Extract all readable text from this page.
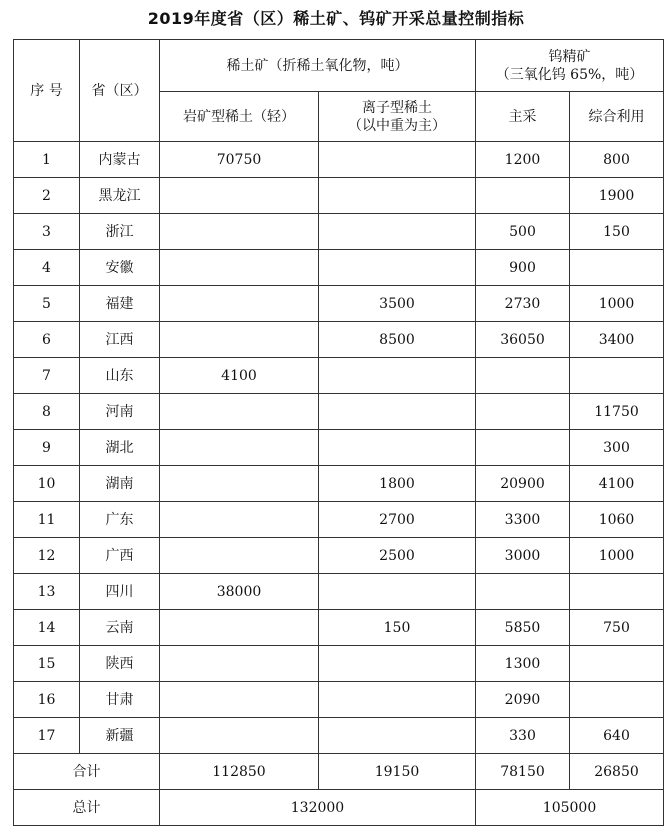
2019年度省（区）稀土矿、钨矿开采总量控制指标
序 号	省（区）	稀土矿（折稀土氧化物，吨）		钨精矿
（三氧化钨 65%，吨）	

		岩矿型稀土（轻）	离子型稀土
（以中重为主）	主采	综合利用
1	内蒙古	70750		1200	800
2	黑龙江				1900
3	浙江			500	150
4	安徽			900	
5	福建		3500	2730	1000
6	江西		8500	36050	3400
7	山东	4100			
8	河南				11750
9	湖北				300
10	湖南		1800	20900	4100
11	广东		2700	3300	1060
12	广西		2500	3000	1000
13	四川	38000			
14	云南		150	5850	750
15	陕西			1300	
16	甘肃			2090	
17	新疆			330	640
合计		112850	19150	78150	26850
总计		132000		105000	
